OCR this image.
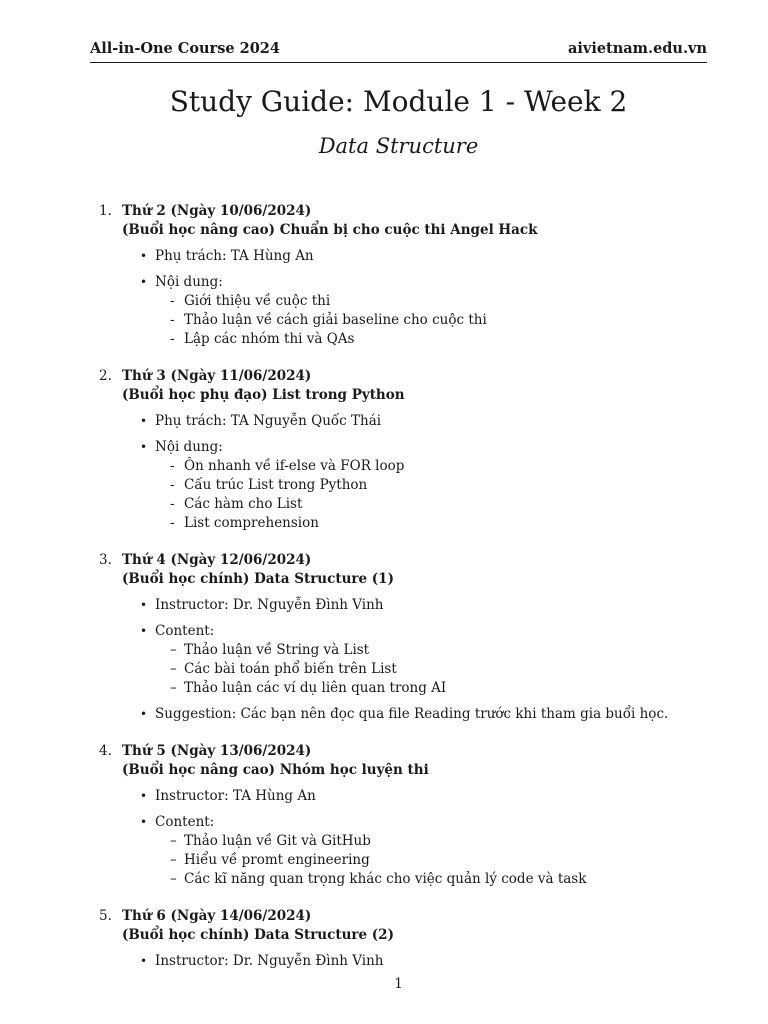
All-in-One Course 2024	aivietnam.edu.vn
Study Guide: Module 1 - Week 2
Data Structure
1. Thứ 2 (Ngày 10/06/2024)
(Buổi học nâng cao) Chuẩn bị cho cuộc thi Angel Hack
• Phụ trách: TA Hùng An
• Nội dung:
- Giới thiệu về cuộc thi
- Thảo luận về cách giải baseline cho cuộc thi
- Lập các nhóm thi và QAs
2. Thứ 3 (Ngày 11/06/2024)
(Buổi học phụ đạo) List trong Python
• Phụ trách: TA Nguyễn Quốc Thái
• Nội dung:
- Ôn nhanh về if-else và FOR loop
- Cấu trúc List trong Python
- Các hàm cho List
- List comprehension
3. Thứ 4 (Ngày 12/06/2024)
(Buổi học chính) Data Structure (1)
• Instructor: Dr. Nguyễn Đình Vinh
• Content:
– Thảo luận về String và List
– Các bài toán phổ biến trên List
– Thảo luận các ví dụ liên quan trong AI
• Suggestion: Các bạn nên đọc qua file Reading trước khi tham gia buổi học.
4. Thứ 5 (Ngày 13/06/2024)
(Buổi học nâng cao) Nhóm học luyện thi
• Instructor: TA Hùng An
• Content:
– Thảo luận về Git và GitHub
– Hiểu về promt engineering
– Các kĩ năng quan trọng khác cho việc quản lý code và task
5. Thứ 6 (Ngày 14/06/2024)
(Buổi học chính) Data Structure (2)
• Instructor: Dr. Nguyễn Đình Vinh
1
